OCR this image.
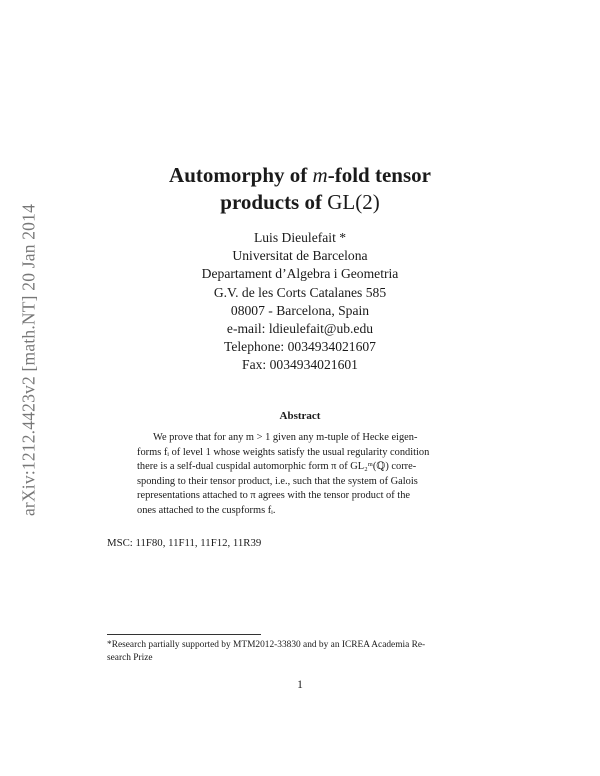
arXiv:1212.4423v2 [math.NT] 20 Jan 2014
Automorphy of m-fold tensor
products of GL(2)
Luis Dieulefait *
Universitat de Barcelona
Departament d’Algebra i Geometria
G.V. de les Corts Catalanes 585
08007 - Barcelona, Spain
e-mail: ldieulefait@ub.edu
Telephone: 0034934021607
Fax: 0034934021601
Abstract
We prove that for any m > 1 given any m-tuple of Hecke eigen-
forms fᵢ of level 1 whose weights satisfy the usual regularity condition
there is a self-dual cuspidal automorphic form π of GL₂ᵐ(ℚ) corre-
sponding to their tensor product, i.e., such that the system of Galois
representations attached to π agrees with the tensor product of the
ones attached to the cuspforms fᵢ.
MSC: 11F80, 11F11, 11F12, 11R39
*Research partially supported by MTM2012-33830 and by an ICREA Academia Re-
search Prize
1
